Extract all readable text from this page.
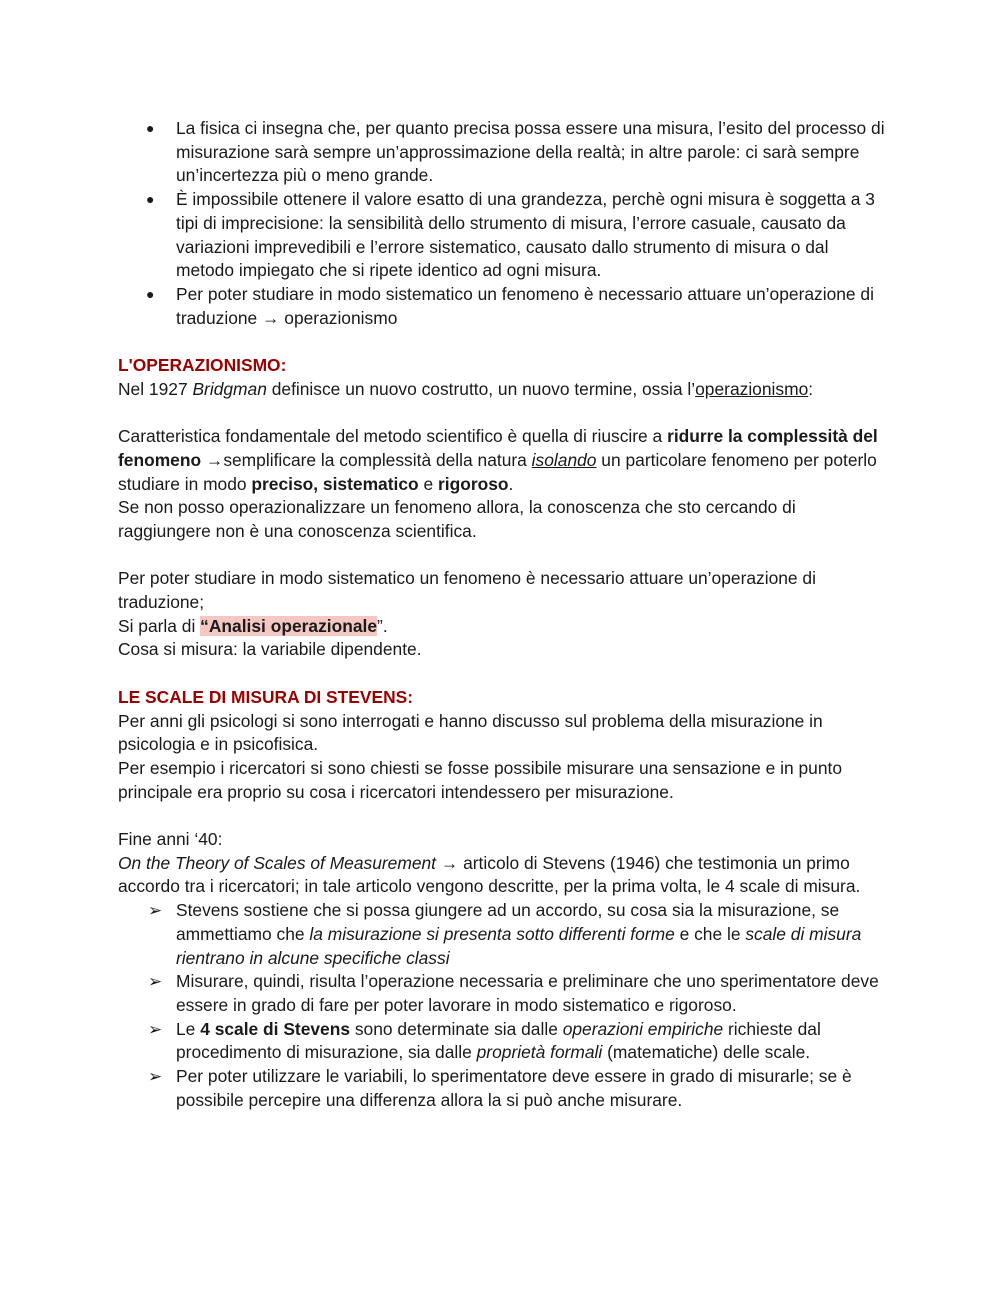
●	La fisica ci insegna che, per quanto precisa possa essere una misura, l’esito del processo di misurazione sarà sempre un’approssimazione della realtà; in altre parole: ci sarà sempre un’incertezza più o meno grande.
●	È impossibile ottenere il valore esatto di una grandezza, perchè ogni misura è soggetta a 3 tipi di imprecisione: la sensibilità dello strumento di misura, l’errore casuale, causato da variazioni imprevedibili e l’errore sistematico, causato dallo strumento di misura o dal metodo impiegato che si ripete identico ad ogni misura.
●	Per poter studiare in modo sistematico un fenomeno è necessario attuare un’operazione di traduzione → operazionismo

L'OPERAZIONISMO:

Nel 1927 Bridgman definisce un nuovo costrutto, un nuovo termine, ossia l’operazionismo:

Caratteristica fondamentale del metodo scientifico è quella di riuscire a ridurre la complessità del fenomeno →semplificare la complessità della natura isolando un particolare fenomeno per poterlo studiare in modo preciso, sistematico e rigoroso.

Se non posso operazionalizzare un fenomeno allora, la conoscenza che sto cercando di raggiungere non è una conoscenza scientifica.

Per poter studiare in modo sistematico un fenomeno è necessario attuare un’operazione di traduzione;

Si parla di “Analisi operazionale”.

Cosa si misura: la variabile dipendente.

LE SCALE DI MISURA DI STEVENS:

Per anni gli psicologi si sono interrogati e hanno discusso sul problema della misurazione in psicologia e in psicofisica.

Per esempio i ricercatori si sono chiesti se fosse possibile misurare una sensazione e in punto principale era proprio su cosa i ricercatori intendessero per misurazione.

Fine anni ‘40:

On the Theory of Scales of Measurement → articolo di Stevens (1946) che testimonia un primo accordo tra i ricercatori; in tale articolo vengono descritte, per la prima volta, le 4 scale di misura.

➢ Stevens sostiene che si possa giungere ad un accordo, su cosa sia la misurazione, se ammettiamo che la misurazione si presenta sotto differenti forme e che le scale di misura rientrano in alcune specifiche classi
➢ Misurare, quindi, risulta l’operazione necessaria e preliminare che uno sperimentatore deve essere in grado di fare per poter lavorare in modo sistematico e rigoroso.
➢ Le 4 scale di Stevens sono determinate sia dalle operazioni empiriche richieste dal procedimento di misurazione, sia dalle proprietà formali (matematiche) delle scale.
➢ Per poter utilizzare le variabili, lo sperimentatore deve essere in grado di misurarle; se è possibile percepire una differenza allora la si può anche misurare.
